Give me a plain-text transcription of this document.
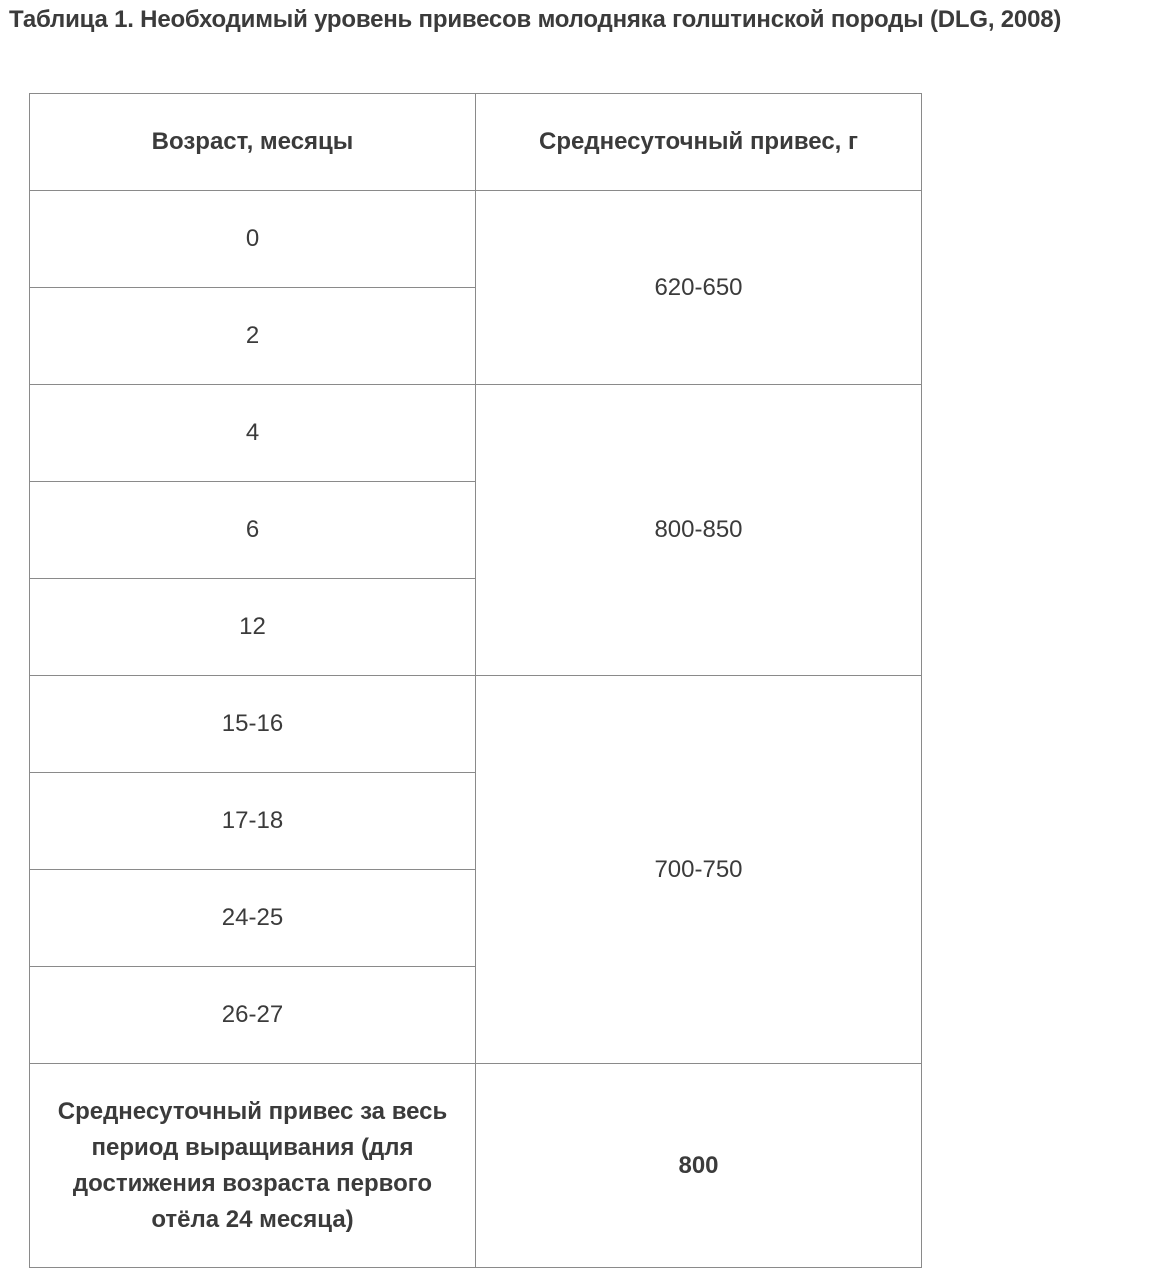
Таблица 1. Необходимый уровень привесов молодняка голштинской породы (DLG, 2008)
Возраст, месяцы	Среднесуточный привес, г
0	620-650
2	
4	800-850
6	
12	
15-16	700-750
17-18	
24-25	
26-27	
Среднесуточный привес за весь период выращивания (для достижения возраста первого отёла 24 месяца)	800
